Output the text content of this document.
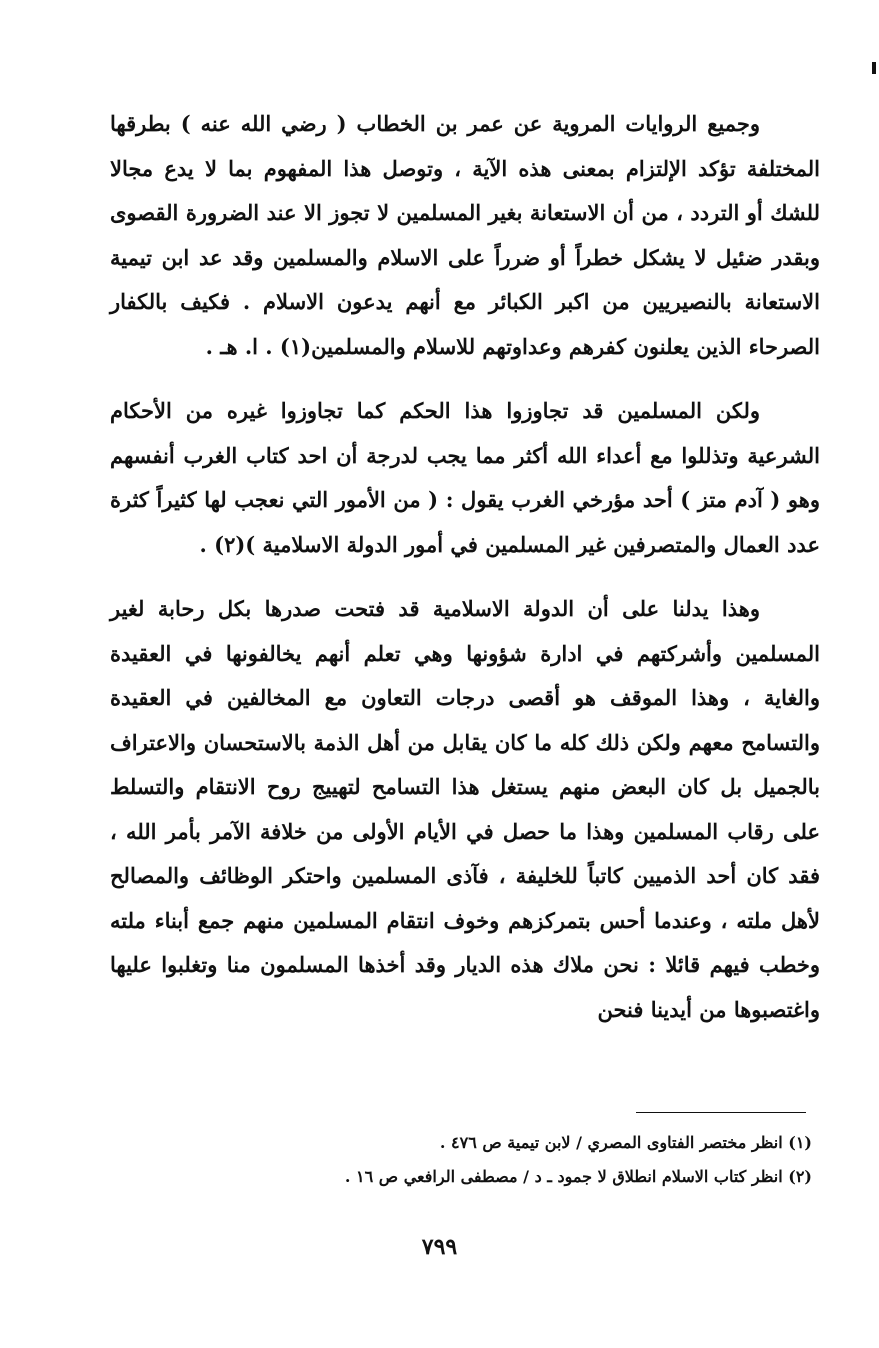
وجميع الروايات المروية عن عمر بن الخطاب ( رضي الله عنه ) بطرقها المختلفة تؤكد الإلتزام بمعنى هذه الآية ، وتوصل هذا المفهوم بما لا يدع مجالا للشك أو التردد ، من أن الاستعانة بغير المسلمين لا تجوز الا عند الضرورة القصوى وبقدر ضئيل لا يشكل خطراً أو ضرراً على الاسلام والمسلمين وقد عد ابن تيمية الاستعانة بالنصيريين من اكبر الكبائر مع أنهم يدعون الاسلام . فكيف بالكفار الصرحاء الذين يعلنون كفرهم وعداوتهم للاسلام والمسلمين(١) . ا. هـ .

ولكن المسلمين قد تجاوزوا هذا الحكم كما تجاوزوا غيره من الأحكام الشرعية وتذللوا مع أعداء الله أكثر مما يجب لدرجة أن احد كتاب الغرب أنفسهم وهو ( آدم متز ) أحد مؤرخي الغرب يقول : ( من الأمور التي نعجب لها كثيراً كثرة عدد العمال والمتصرفين غير المسلمين في أمور الدولة الاسلامية )(٢) .

وهذا يدلنا على أن الدولة الاسلامية قد فتحت صدرها بكل رحابة لغير المسلمين وأشركتهم في ادارة شؤونها وهي تعلم أنهم يخالفونها في العقيدة والغاية ، وهذا الموقف هو أقصى درجات التعاون مع المخالفين في العقيدة والتسامح معهم ولكن ذلك كله ما كان يقابل من أهل الذمة بالاستحسان والاعتراف بالجميل بل كان البعض منهم يستغل هذا التسامح لتهييج روح الانتقام والتسلط على رقاب المسلمين وهذا ما حصل في الأيام الأولى من خلافة الآمر بأمر الله ، فقد كان أحد الذميين كاتباً للخليفة ، فآذى المسلمين واحتكر الوظائف والمصالح لأهل ملته ، وعندما أحس بتمركزهم وخوف انتقام المسلمين منهم جمع أبناء ملته وخطب فيهم قائلا : نحن ملاك هذه الديار وقد أخذها المسلمون منا وتغلبوا عليها واغتصبوها من أيدينا فنحن

(١) انظر مختصر الفتاوى المصري / لابن تيمية ص ٤٧٦ .
(٢) انظر كتاب الاسلام انطلاق لا جمود ـ د / مصطفى الرافعي ص ١٦ .
٧٩٩
